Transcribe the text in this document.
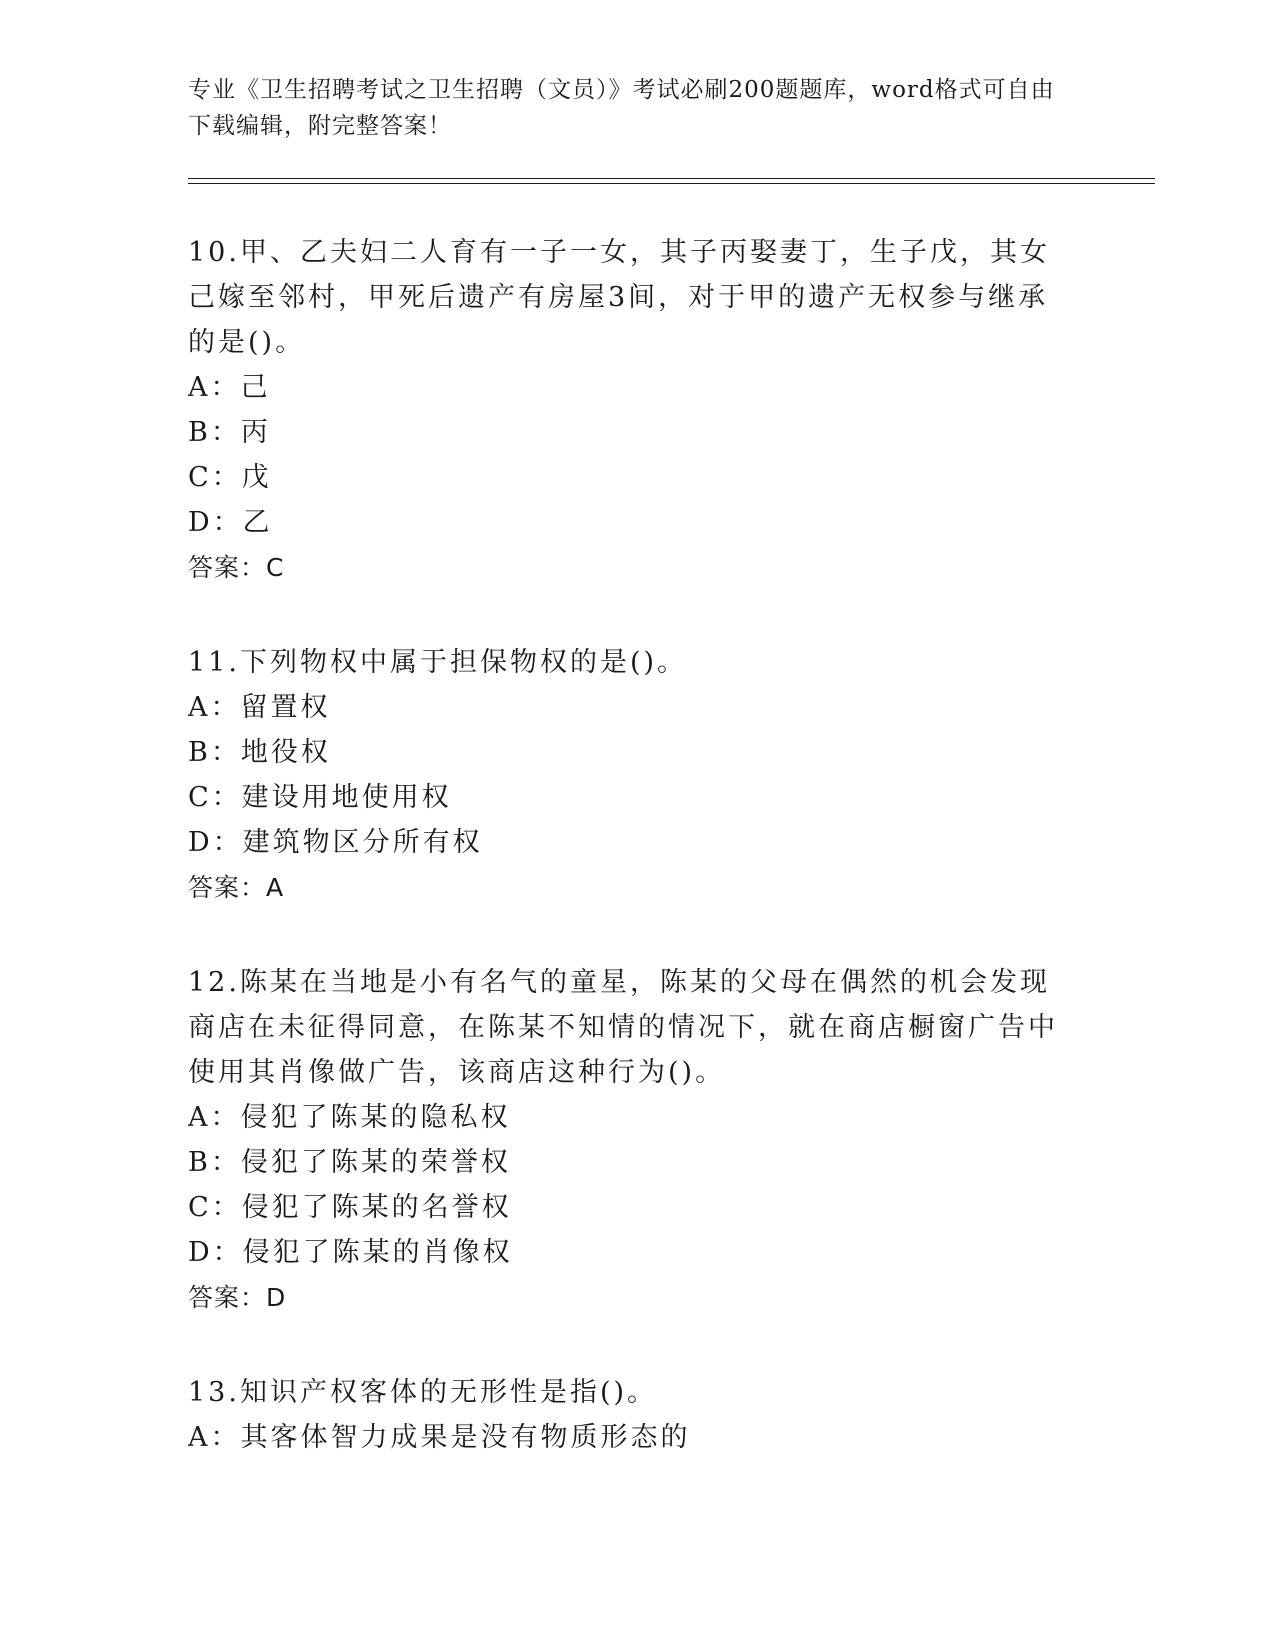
专业《卫生招聘考试之卫生招聘（文员）》考试必刷200题题库，word格式可自由下载编辑，附完整答案！
10.甲、乙夫妇二人育有一子一女，其子丙娶妻丁，生子戊，其女己嫁至邻村，甲死后遗产有房屋3间，对于甲的遗产无权参与继承的是()。
A：己
B：丙
C：戊
D：乙
答案：C
11.下列物权中属于担保物权的是()。
A：留置权
B：地役权
C：建设用地使用权
D：建筑物区分所有权
答案：A
12.陈某在当地是小有名气的童星，陈某的父母在偶然的机会发现商店在未征得同意，在陈某不知情的情况下，就在商店橱窗广告中使用其肖像做广告，该商店这种行为()。
A：侵犯了陈某的隐私权
B：侵犯了陈某的荣誉权
C：侵犯了陈某的名誉权
D：侵犯了陈某的肖像权
答案：D
13.知识产权客体的无形性是指()。
A：其客体智力成果是没有物质形态的
